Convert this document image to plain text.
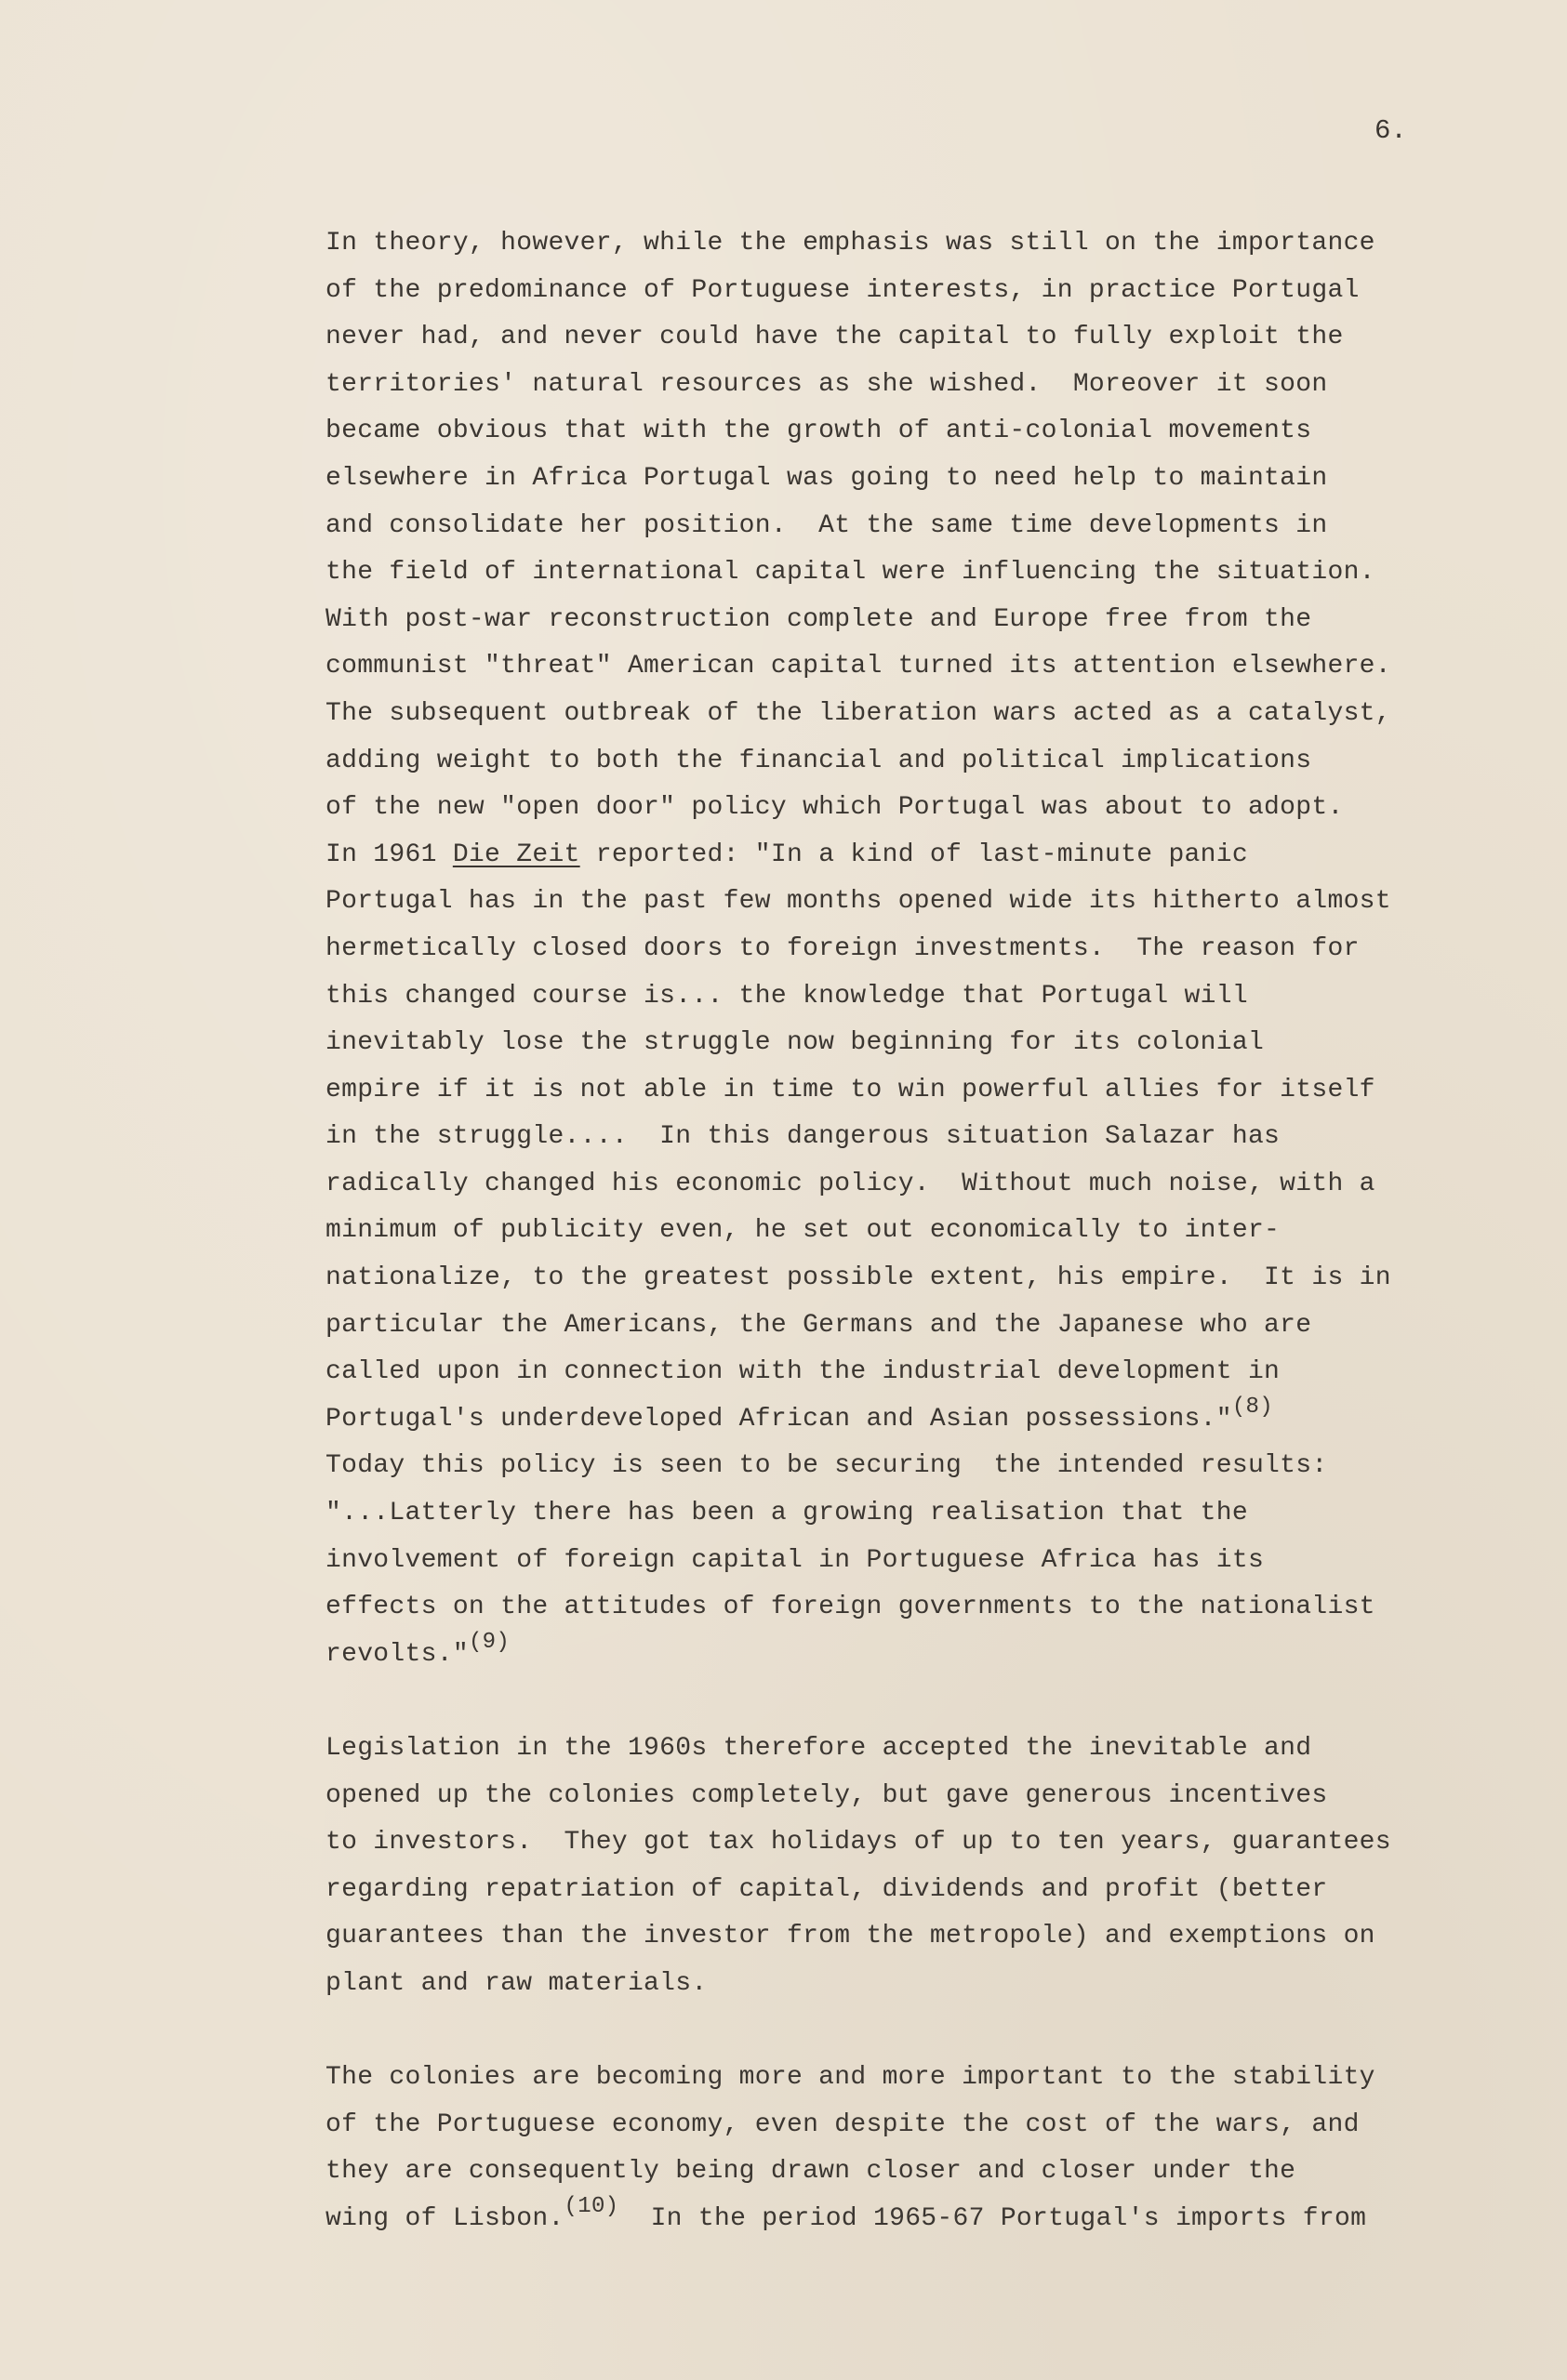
6.
In theory, however, while the emphasis was still on the importance
of the predominance of Portuguese interests, in practice Portugal
never had, and never could have the capital to fully exploit the
territories' natural resources as she wished.  Moreover it soon
became obvious that with the growth of anti-colonial movements
elsewhere in Africa Portugal was going to need help to maintain
and consolidate her position.  At the same time developments in
the field of international capital were influencing the situation.
With post-war reconstruction complete and Europe free from the
communist "threat" American capital turned its attention elsewhere.
The subsequent outbreak of the liberation wars acted as a catalyst,
adding weight to both the financial and political implications
of the new "open door" policy which Portugal was about to adopt.
In 1961 Die Zeit reported: "In a kind of last-minute panic
Portugal has in the past few months opened wide its hitherto almost
hermetically closed doors to foreign investments.  The reason for
this changed course is... the knowledge that Portugal will
inevitably lose the struggle now beginning for its colonial
empire if it is not able in time to win powerful allies for itself
in the struggle....  In this dangerous situation Salazar has
radically changed his economic policy.  Without much noise, with a
minimum of publicity even, he set out economically to inter-
nationalize, to the greatest possible extent, his empire.  It is in
particular the Americans, the Germans and the Japanese who are
called upon in connection with the industrial development in
Portugal's underdeveloped African and Asian possessions."(8)
Today this policy is seen to be securing  the intended results:
"...Latterly there has been a growing realisation that the
involvement of foreign capital in Portuguese Africa has its
effects on the attitudes of foreign governments to the nationalist
revolts."(9)
Legislation in the 1960s therefore accepted the inevitable and
opened up the colonies completely, but gave generous incentives
to investors.  They got tax holidays of up to ten years, guarantees
regarding repatriation of capital, dividends and profit (better
guarantees than the investor from the metropole) and exemptions on
plant and raw materials.
The colonies are becoming more and more important to the stability
of the Portuguese economy, even despite the cost of the wars, and
they are consequently being drawn closer and closer under the
wing of Lisbon.(10)  In the period 1965-67 Portugal's imports from
